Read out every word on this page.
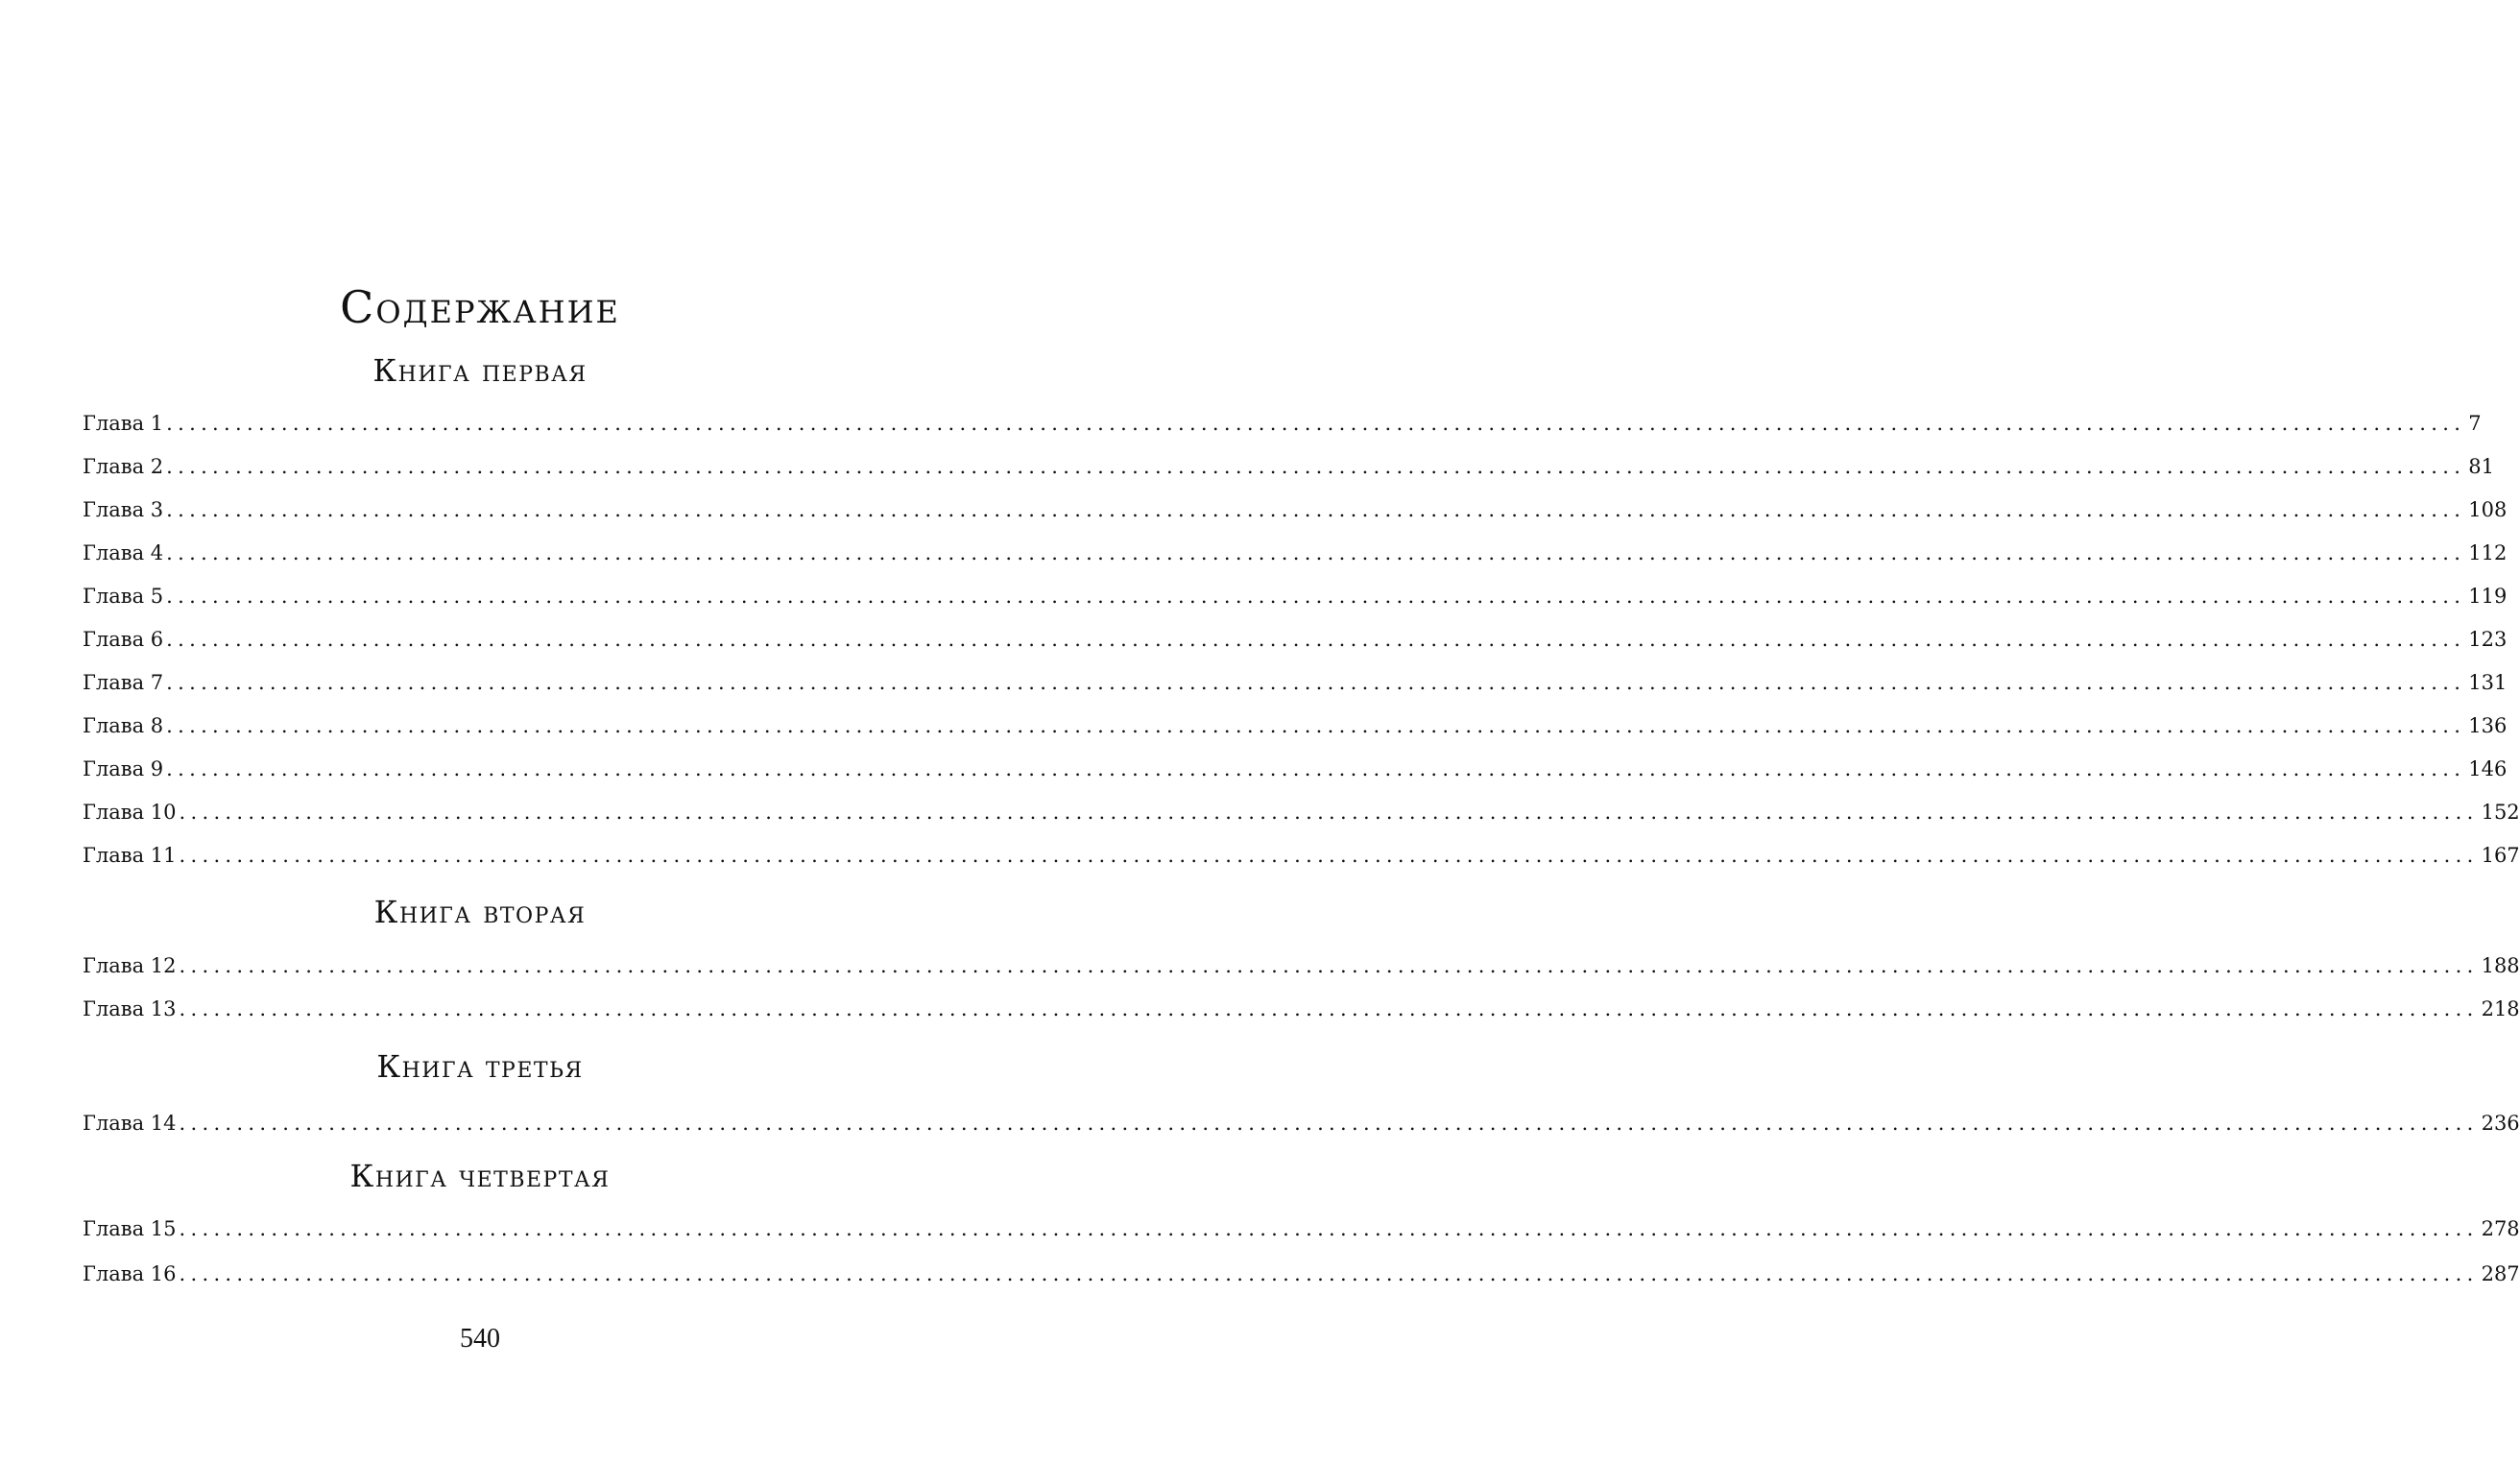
Содержание
Книга первая
Глава 1 ........................................................................................................................................................................................................ 7
Глава 2 ........................................................................................................................................................................................................ 81
Глава 3 ........................................................................................................................................................................................................ 108
Глава 4 ........................................................................................................................................................................................................ 112
Глава 5 ........................................................................................................................................................................................................ 119
Глава 6 ........................................................................................................................................................................................................ 123
Глава 7 ........................................................................................................................................................................................................ 131
Глава 8 ........................................................................................................................................................................................................ 136
Глава 9 ........................................................................................................................................................................................................ 146
Глава 10 ........................................................................................................................................................................................................ 152
Глава 11 ........................................................................................................................................................................................................ 167
Книга вторая
Глава 12 ........................................................................................................................................................................................................ 188
Глава 13 ........................................................................................................................................................................................................ 218
Книга третья
Глава 14 ........................................................................................................................................................................................................ 236
Книга четвертая
Глава 15 ........................................................................................................................................................................................................ 278
Глава 16 ........................................................................................................................................................................................................ 287
540
